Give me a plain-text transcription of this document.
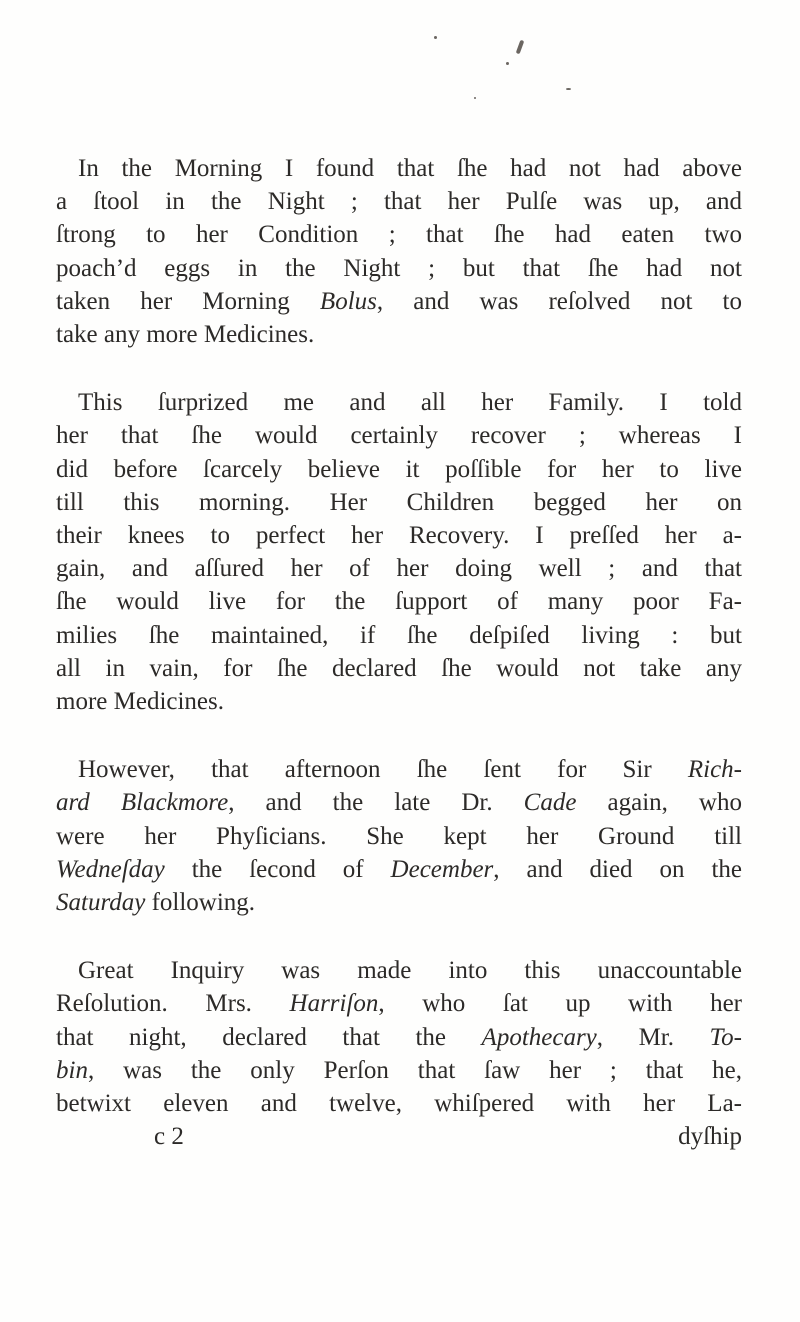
In the Morning I found that ſhe had not had above
a ſtool in the Night ; that her Pulſe was up, and
ſtrong to her Condition ; that ſhe had eaten two
poach’d eggs in the Night ; but that ſhe had not
taken her Morning Bolus, and was reſolved not to
take any more Medicines.
This ſurprized me and all her Family. I told
her that ſhe would certainly recover ; whereas I
did before ſcarcely believe it poſſible for her to live
till this morning. Her Children begged her on
their knees to perfect her Recovery. I preſſed her a-
gain, and aſſured her of her doing well ; and that
ſhe would live for the ſupport of many poor Fa-
milies ſhe maintained, if ſhe deſpiſed living : but
all in vain, for ſhe declared ſhe would not take any
more Medicines.
However, that afternoon ſhe ſent for Sir Rich-
ard Blackmore, and the late Dr. Cade again, who
were her Phyſicians. She kept her Ground till
Wedneſday the ſecond of December, and died on the
Saturday following.
Great Inquiry was made into this unaccountable
Reſolution. Mrs. Harriſon, who ſat up with her
that night, declared that the Apothecary, Mr. To-
bin, was the only Perſon that ſaw her ; that he,
betwixt eleven and twelve, whiſpered with her La-
c 2	dyſhip
